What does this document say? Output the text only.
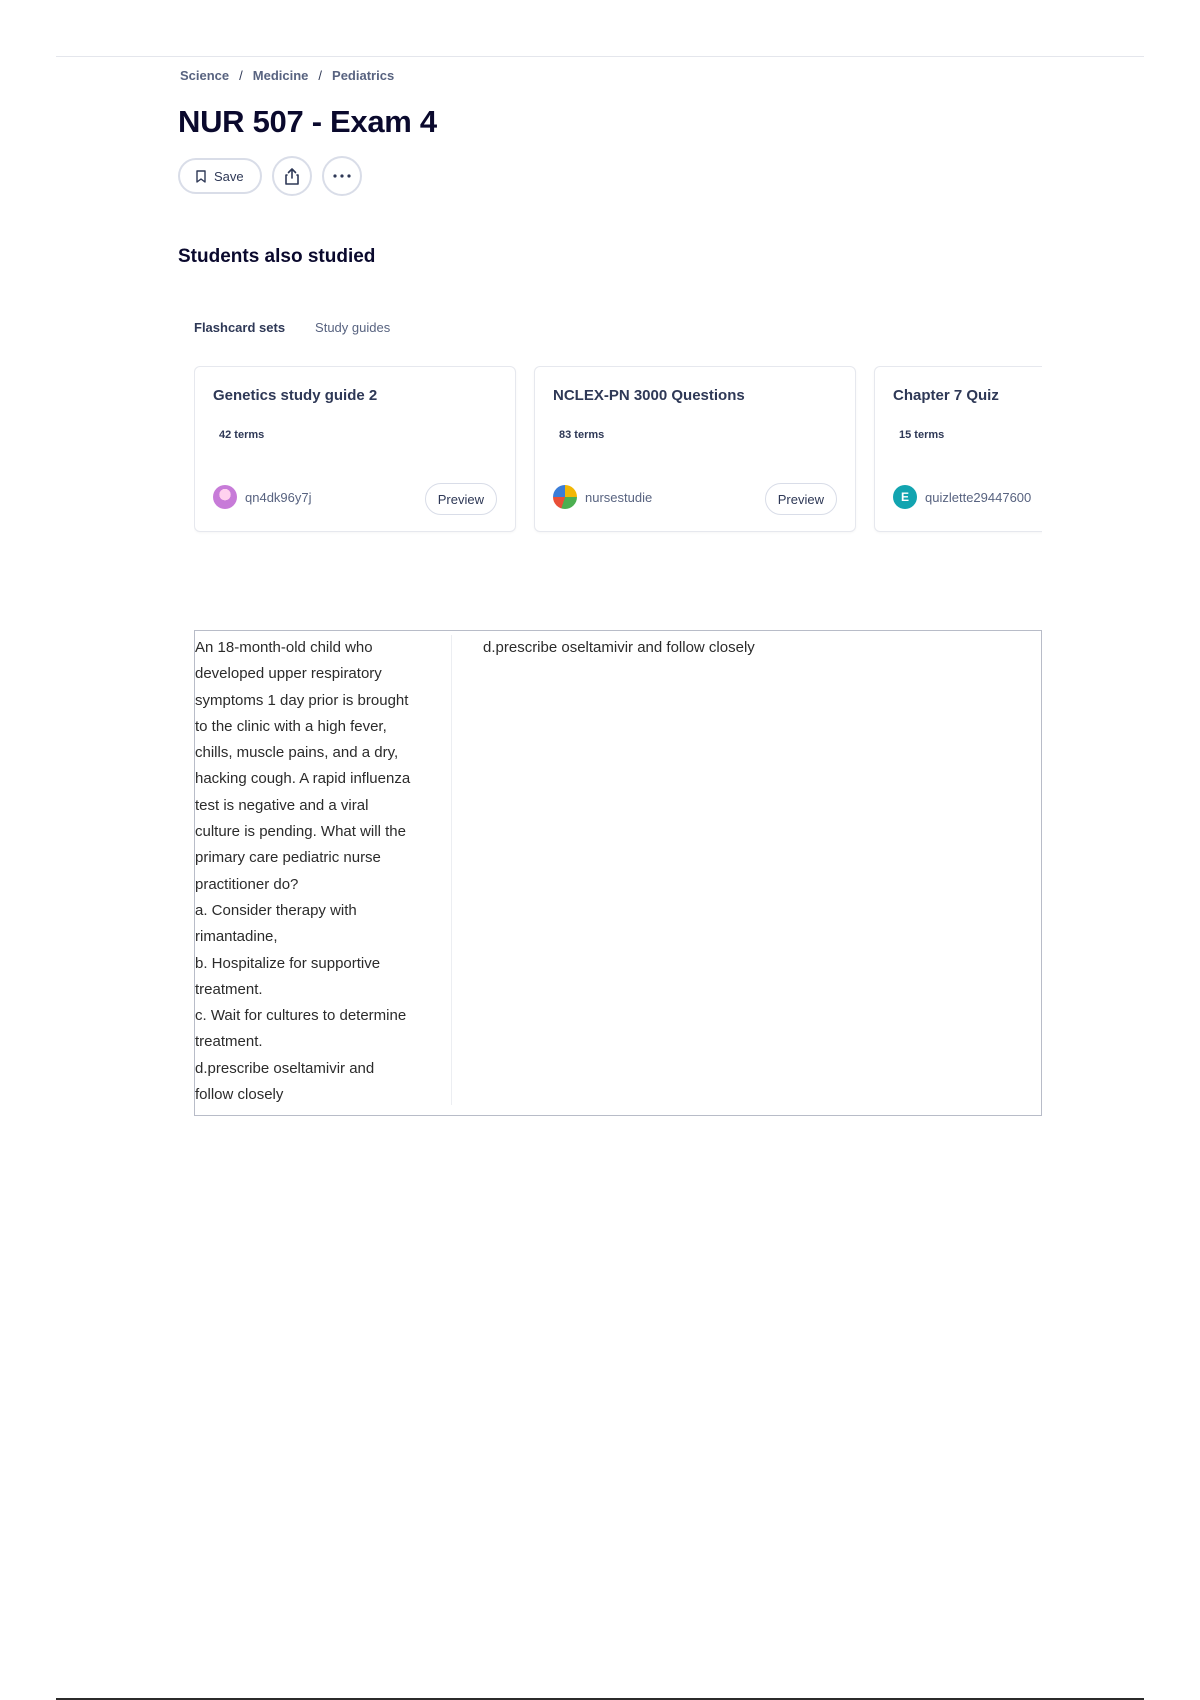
Science / Medicine / Pediatrics
NUR 507 - Exam 4
Save
Students also studied
Flashcard sets Study guides
Genetics study guide 2
42 terms
qn4dk96y7j	Preview
NCLEX-PN 3000 Questions
83 terms
nursestudie	Preview
Chapter 7 Quiz
15 terms
E	quizlette29447600

An 18-month-old child who
developed upper respiratory
symptoms 1 day prior is brought
to the clinic with a high fever,
chills, muscle pains, and a dry,
hacking cough. A rapid influenza
test is negative and a viral
culture is pending. What will the
primary care pediatric nurse
practitioner do?
a. Consider therapy with
rimantadine,
b. Hospitalize for supportive
treatment.
c. Wait for cultures to determine
treatment.
d.prescribe oseltamivir and
follow closely

d.prescribe oseltamivir and follow closely
